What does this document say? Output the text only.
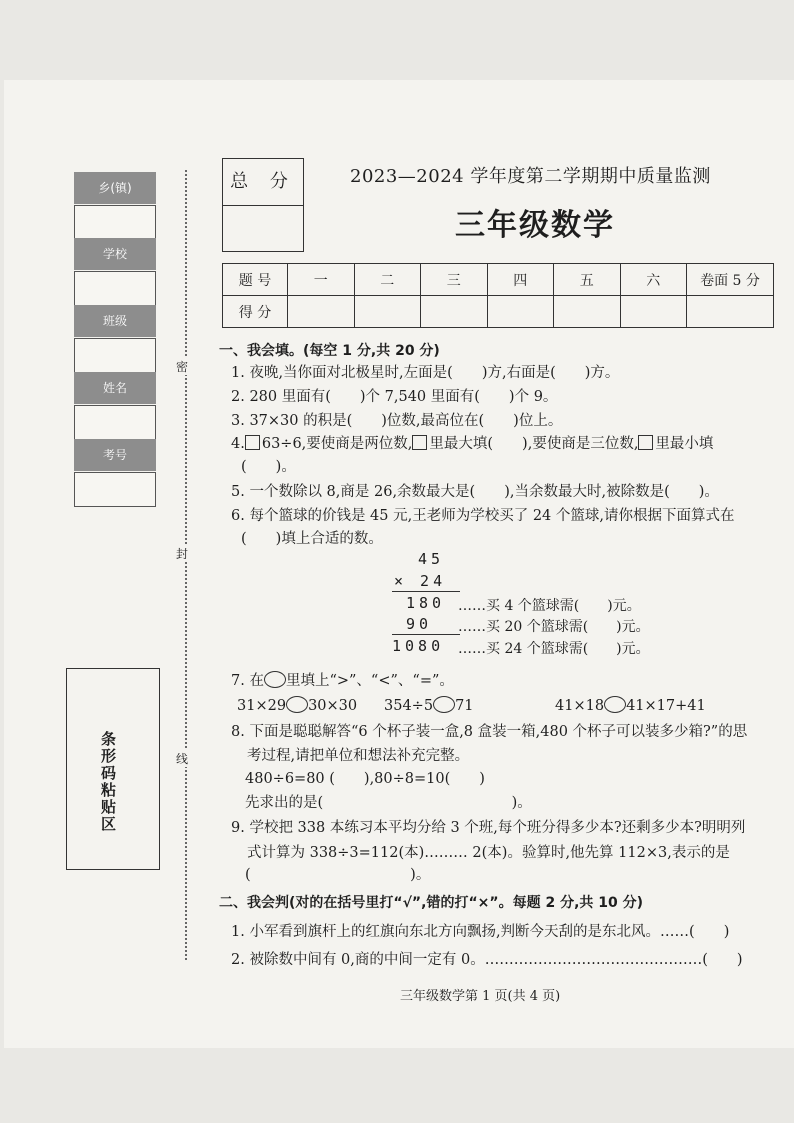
乡(镇)
学校
班级
姓名
考号
密
封
线
条形码粘贴区
总 分	2023—2024 学年度第二学期期中质量监测
三年级数学
题 号	一	二	三	四	五	六	卷面 5 分
得 分							
一、我会填。(每空 1 分,共 20 分)
1. 夜晚,当你面对北极星时,左面是(　　)方,右面是(　　)方。
2. 280 里面有(　　)个 7,540 里面有(　　)个 9。
3. 37×30 的积是(　　)位数,最高位在(　　)位上。
4. 63÷6,要使商是两位数, 里最大填(　　),要使商是三位数, 里最小填
(　　)。
5. 一个数除以 8,商是 26,余数最大是(　　),当余数最大时,被除数是(　　)。
6. 每个篮球的价钱是 45 元,王老师为学校买了 24 个篮球,请你根据下面算式在
(　　)填上合适的数。
45
× 24
180 ……买 4 个篮球需(　　)元。
90 ……买 20 个篮球需(　　)元。
1080 ……买 24 个篮球需(　　)元。
7. 在 里填上“>”、“<”、“=”。
31×29 30×30 354÷5 71	41×18 41×17+41
8. 下面是聪聪解答“6 个杯子装一盒,8 盒装一箱,480 个杯子可以装多少箱?”的思
考过程,请把单位和想法补充完整。
480÷6=80 (　　),80÷8=10(　　)
先求出的是(　　　　　　　　　　　　　)。
9. 学校把 338 本练习本平均分给 3 个班,每个班分得多少本?还剩多少本?明明列
式计算为 338÷3=112(本)……… 2(本)。验算时,他先算 112×3,表示的是
(　　　　　　　　　　　)。
二、我会判(对的在括号里打“√”,错的打“×”。每题 2 分,共 10 分)
1. 小军看到旗杆上的红旗向东北方向飘扬,判断今天刮的是东北风。……(　　)
2. 被除数中间有 0,商的中间一定有 0。………………………………………(　　)
三年级数学第 1 页(共 4 页)
